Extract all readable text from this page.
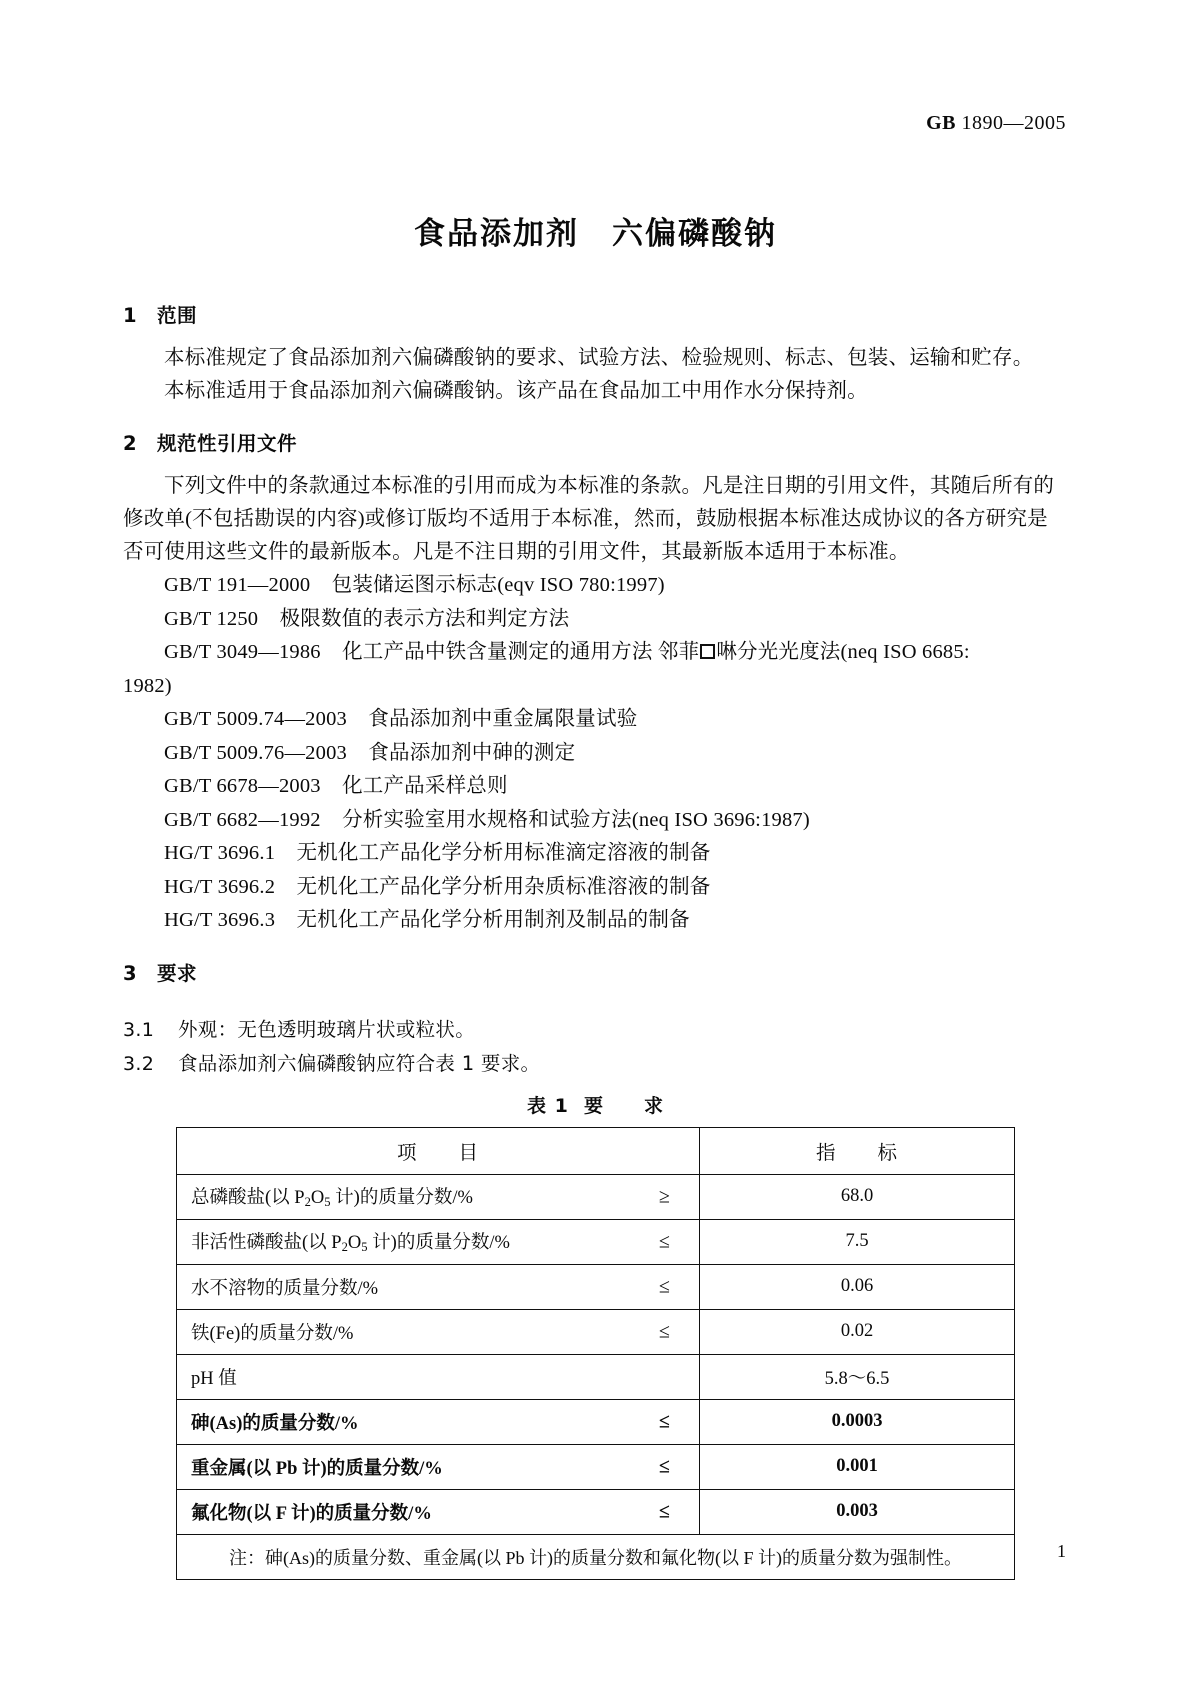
GB 1890—2005
食品添加剂　六偏磷酸钠
1 范围

本标准规定了食品添加剂六偏磷酸钠的要求、试验方法、检验规则、标志、包装、运输和贮存。

本标准适用于食品添加剂六偏磷酸钠。该产品在食品加工中用作水分保持剂。

2 规范性引用文件

下列文件中的条款通过本标准的引用而成为本标准的条款。凡是注日期的引用文件，其随后所有的修改单(不包括勘误的内容)或修订版均不适用于本标准，然而，鼓励根据本标准达成协议的各方研究是否可使用这些文件的最新版本。凡是不注日期的引用文件，其最新版本适用于本标准。

GB/T 191—2000 包装储运图示标志(eqv ISO 780:1997)

GB/T 1250 极限数值的表示方法和判定方法

GB/T 3049—1986 化工产品中铁含量测定的通用方法 邻菲 啉分光光度法(neq ISO 6685:

1982)

GB/T 5009.74—2003 食品添加剂中重金属限量试验

GB/T 5009.76—2003 食品添加剂中砷的测定

GB/T 6678—2003 化工产品采样总则

GB/T 6682—1992 分析实验室用水规格和试验方法(neq ISO 3696:1987)

HG/T 3696.1 无机化工产品化学分析用标准滴定溶液的制备

HG/T 3696.2 无机化工产品化学分析用杂质标准溶液的制备

HG/T 3696.3 无机化工产品化学分析用制剂及制品的制备

3 要求

3.1 外观：无色透明玻璃片状或粒状。

3.2 食品添加剂六偏磷酸钠应符合表 1 要求。

表 1 要　　求
项　　目	指　　标
总磷酸盐(以 $P_2O_5$ 计)的质量分数/% ≥	68.0
非活性磷酸盐(以 $P_2O_5$ 计)的质量分数/% ≤	7.5
水不溶物的质量分数/% ≤	0.06
铁(Fe)的质量分数/% ≤	0.02
pH 值	5.8～6.5
砷(As)的质量分数/% ≤	0.0003
重金属(以 Pb 计)的质量分数/% ≤	0.001
氟化物(以 F 计)的质量分数/% ≤	0.003
注：砷(As)的质量分数、重金属(以 Pb 计)的质量分数和氟化物(以 F 计)的质量分数为强制性。		1
